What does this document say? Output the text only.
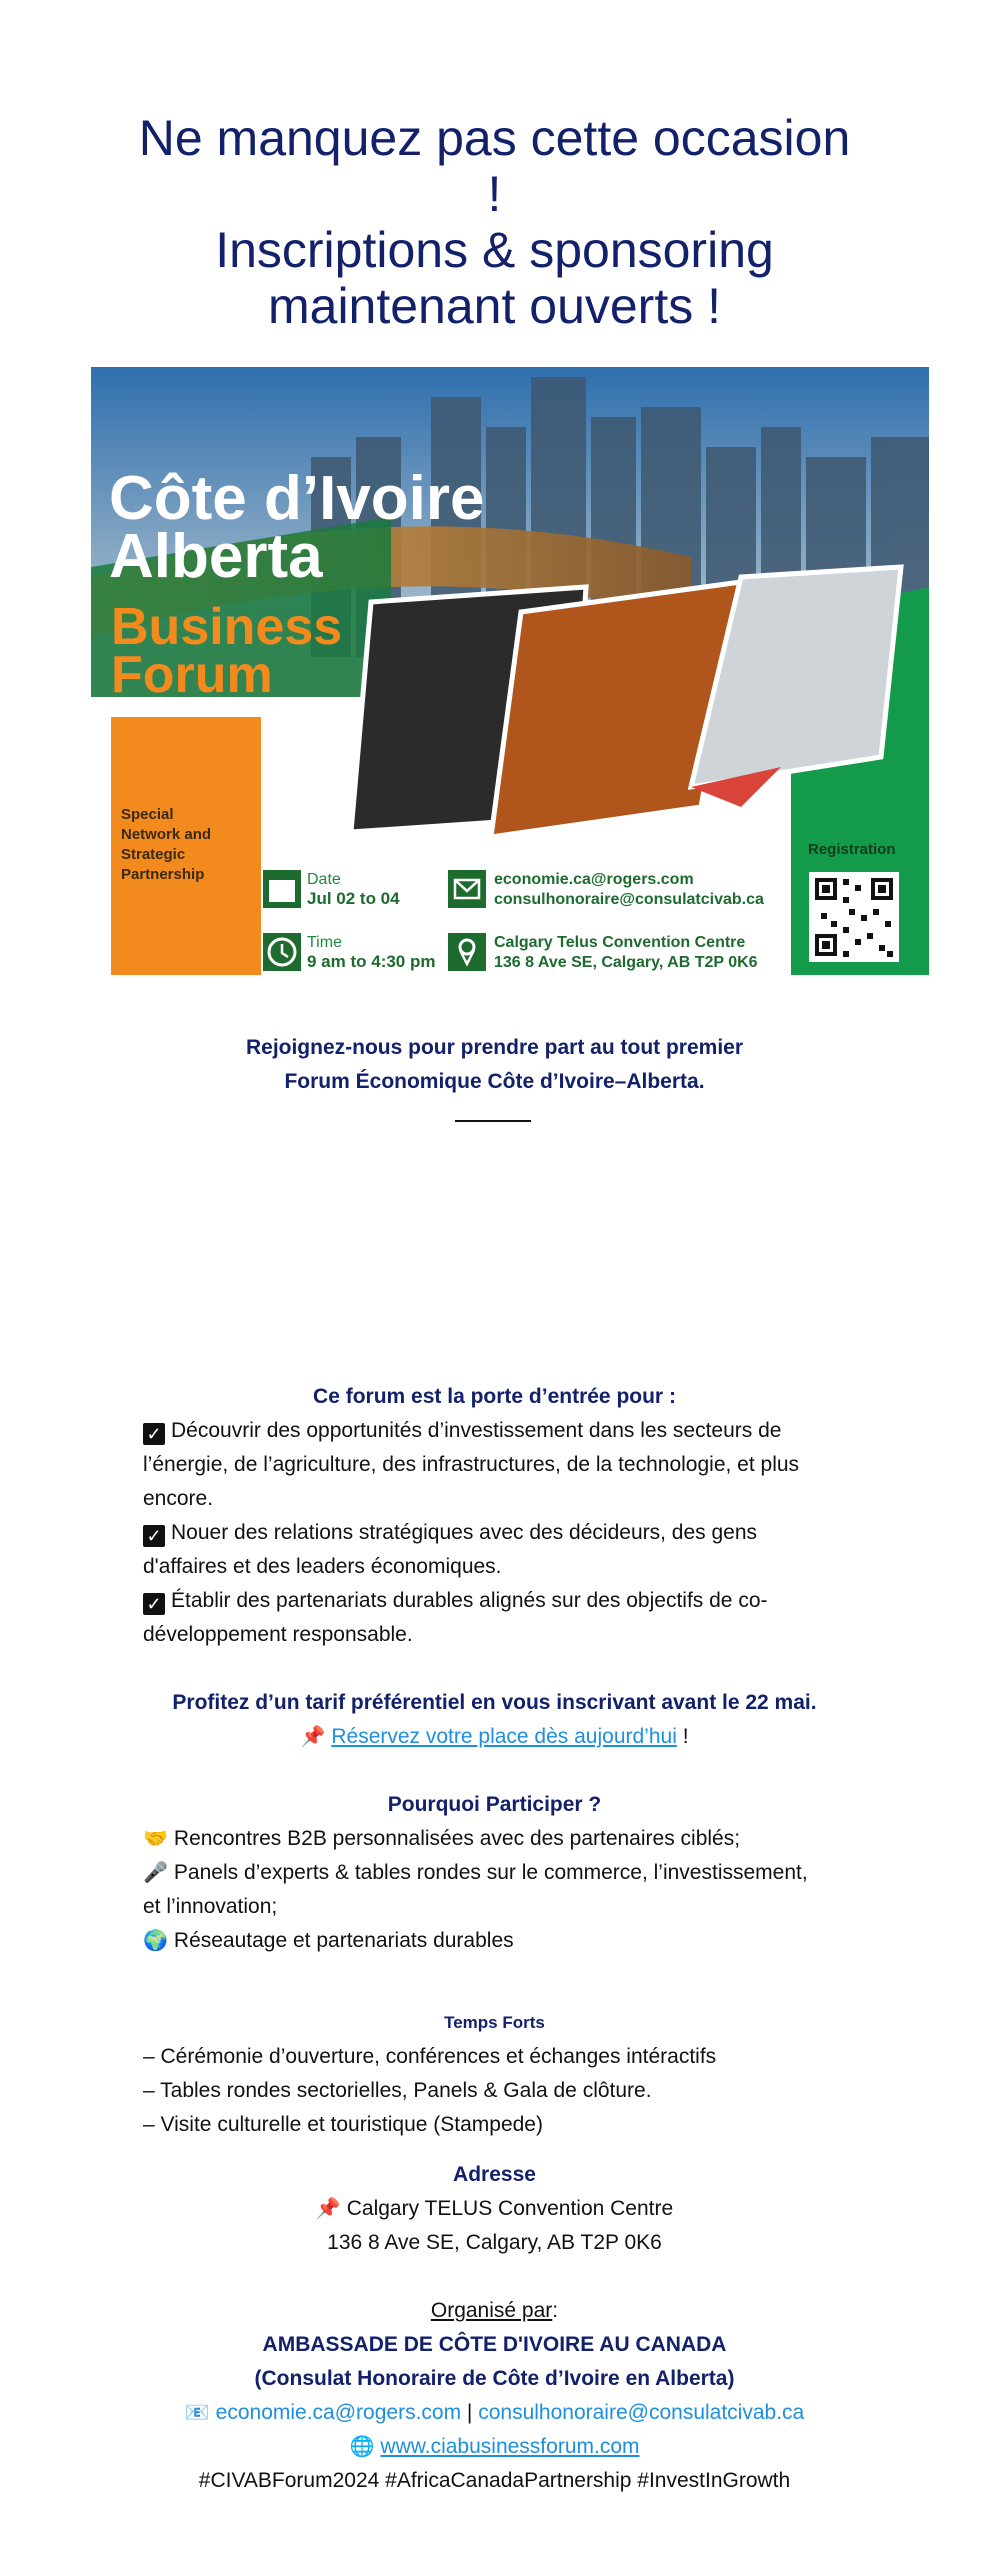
Ne manquez pas cette occasion
!
Inscriptions & sponsoring
maintenant ouverts !
Côte d’Ivoire
Alberta
Business
Forum
Special
Network and
Strategic
Partnership	Date
Jul 02 to 04
Time
9 am to 4:30 pm
economie.ca@rogers.com
consulhonoraire@consulatcivab.ca
Calgary Telus Convention Centre
136 8 Ave SE, Calgary, AB T2P 0K6
Registration
Rejoignez-nous pour prendre part au tout premier
Forum Économique Côte d’Ivoire–Alberta.
Ce forum est la porte d’entrée pour :
✓ Découvrir des opportunités d’investissement dans les secteurs de
l’énergie, de l’agriculture, des infrastructures, de la technologie, et plus
encore.
✓ Nouer des relations stratégiques avec des décideurs, des gens
d'affaires et des leaders économiques.
✓ Établir des partenariats durables alignés sur des objectifs de co-
développement responsable.
Profitez d’un tarif préférentiel en vous inscrivant avant le 22 mai.
📌 Réservez votre place dès aujourd’hui !
Pourquoi Participer ?
🤝 Rencontres B2B personnalisées avec des partenaires ciblés;
🎤 Panels d’experts & tables rondes sur le commerce, l’investissement,
et l’innovation;
🌍 Réseautage et partenariats durables
Temps Forts
– Cérémonie d’ouverture, conférences et échanges intéractifs
– Tables rondes sectorielles, Panels & Gala de clôture.
– Visite culturelle et touristique (Stampede)
Adresse
📌 Calgary TELUS Convention Centre
136 8 Ave SE, Calgary, AB T2P 0K6
Organisé par:
AMBASSADE DE CÔTE D'IVOIRE AU CANADA
(Consulat Honoraire de Côte d’Ivoire en Alberta)
📧 economie.ca@rogers.com | consulhonoraire@consulatcivab.ca
🌐 www.ciabusinessforum.com
#CIVABForum2024 #AfricaCanadaPartnership #InvestInGrowth
